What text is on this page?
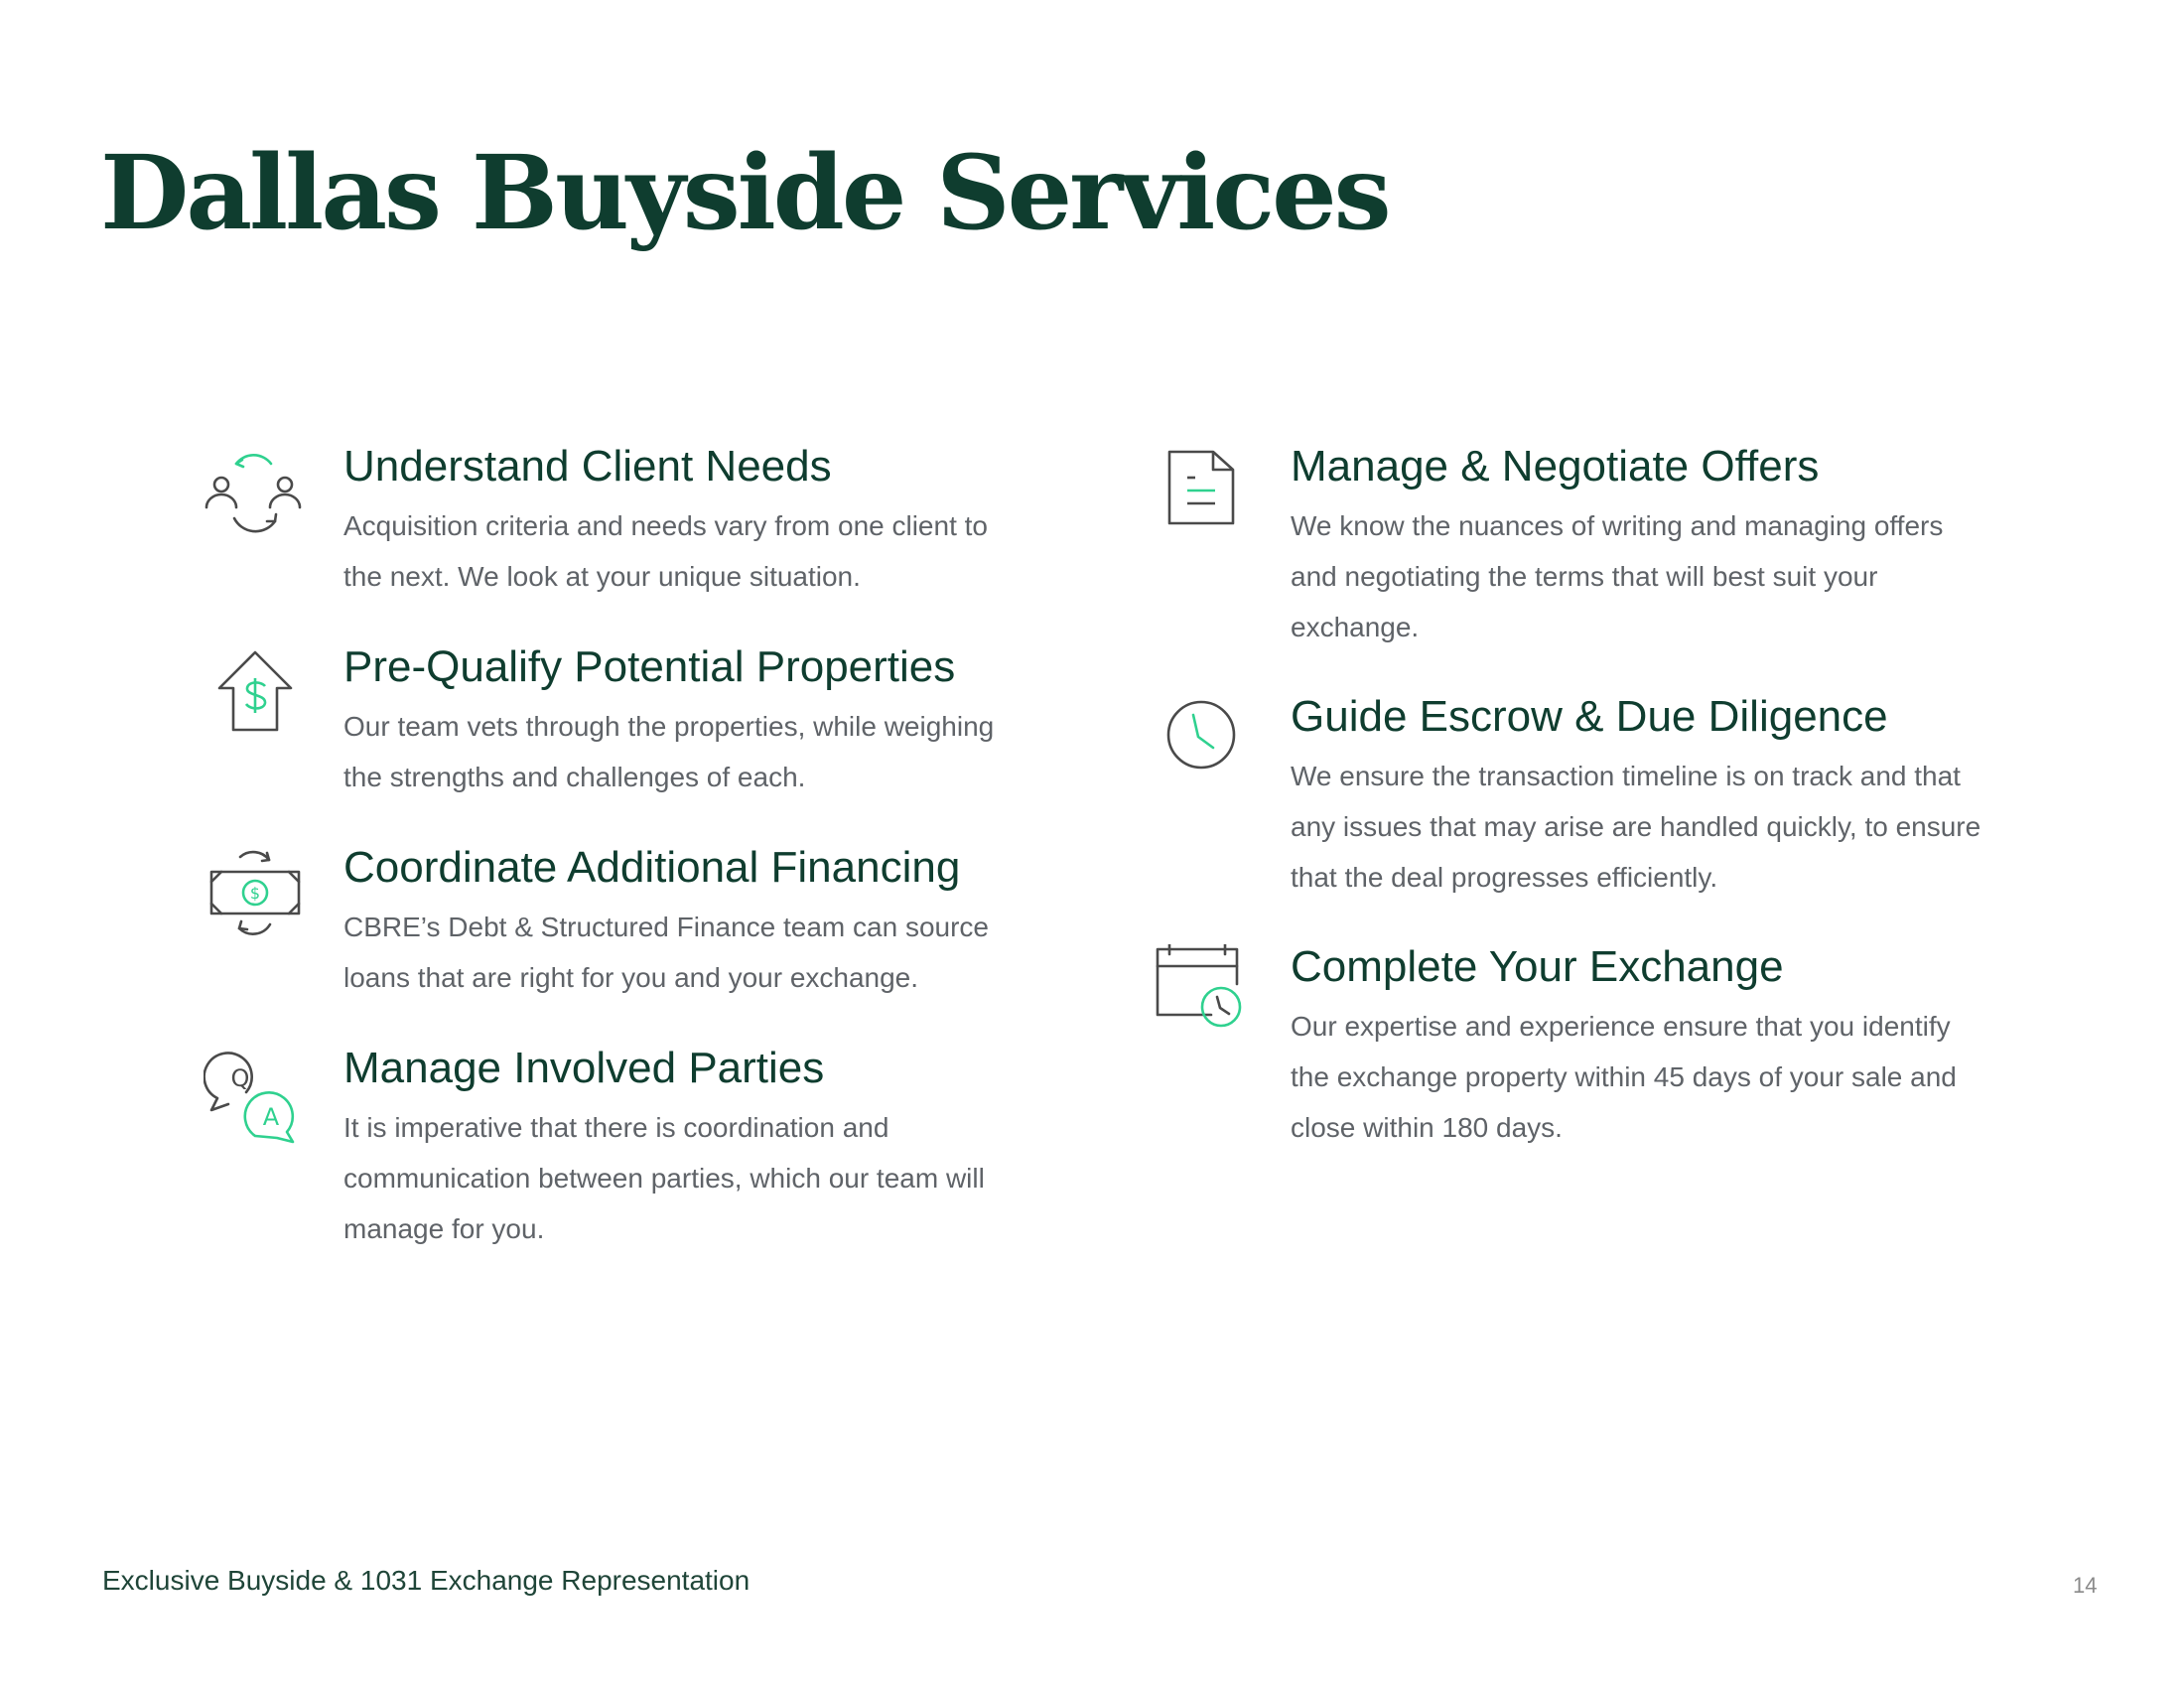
Dallas Buyside Services
Understand Client Needs

Acquisition criteria and needs vary from one client to the next. We look at your unique situation.

Pre-Qualify Potential Properties

Our team vets through the properties, while weighing the strengths and challenges of each.

$
Coordinate Additional Financing

CBRE’s Debt & Structured Finance team can source loans that are right for you and your exchange.

Q
A
Manage Involved Parties

It is imperative that there is coordination and communication between parties, which our team will manage for you.

Manage & Negotiate Offers

We know the nuances of writing and managing offers and negotiating the terms that will best suit your exchange.

Guide Escrow & Due Diligence

We ensure the transaction timeline is on track and that any issues that may arise are handled quickly, to ensure that the deal progresses efficiently.

Complete Your Exchange

Our expertise and experience ensure that you identify the exchange property within 45 days of your sale and close within 180 days.

Exclusive Buyside & 1031 Exchange Representation	14
